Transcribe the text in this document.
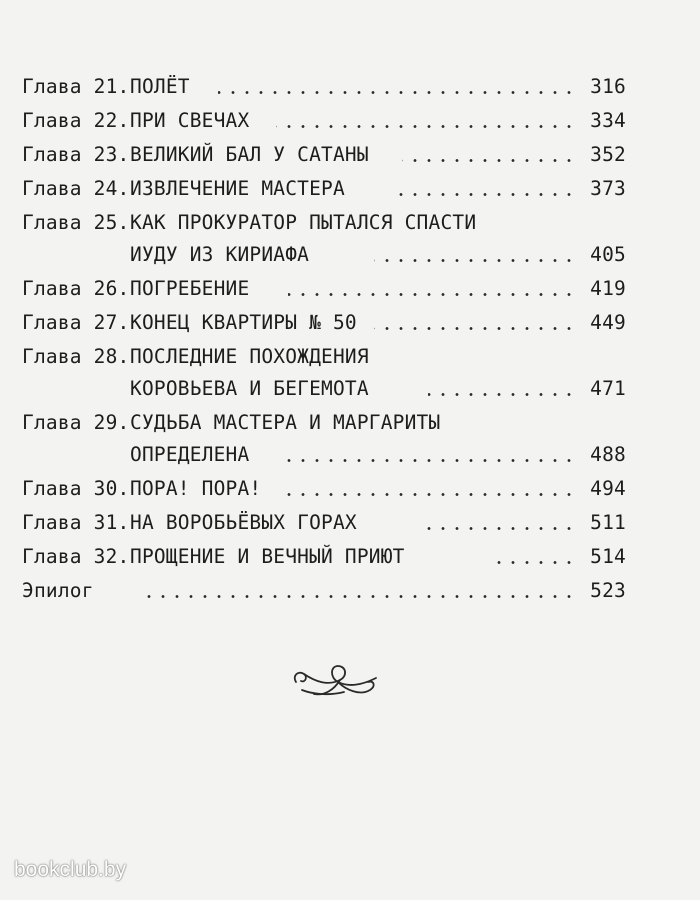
Глава 21. ПОЛЁТ	316
Глава 22. ПРИ СВЕЧАХ	334
Глава 23. ВЕЛИКИЙ БАЛ У САТАНЫ	352
Глава 24. ИЗВЛЕЧЕНИЕ МАСТЕРА	373
Глава 25. КАК ПРОКУРАТОР ПЫТАЛСЯ СПАСТИ
ИУДУ ИЗ КИРИАФА	405
Глава 26. ПОГРЕБЕНИЕ	419
Глава 27. КОНЕЦ КВАРТИРЫ № 50	449
Глава 28. ПОСЛЕДНИЕ ПОХОЖДЕНИЯ
КОРОВЬЕВА И БЕГЕМОТА	471
Глава 29. СУДЬБА МАСТЕРА И МАРГАРИТЫ
ОПРЕДЕЛЕНА	488
Глава 30. ПОРА! ПОРА!	494
Глава 31. НА ВОРОБЬЁВЫХ ГОРАХ	511
Глава 32. ПРОЩЕНИЕ И ВЕЧНЫЙ ПРИЮТ	514
Эпилог	523
bookclub.by
